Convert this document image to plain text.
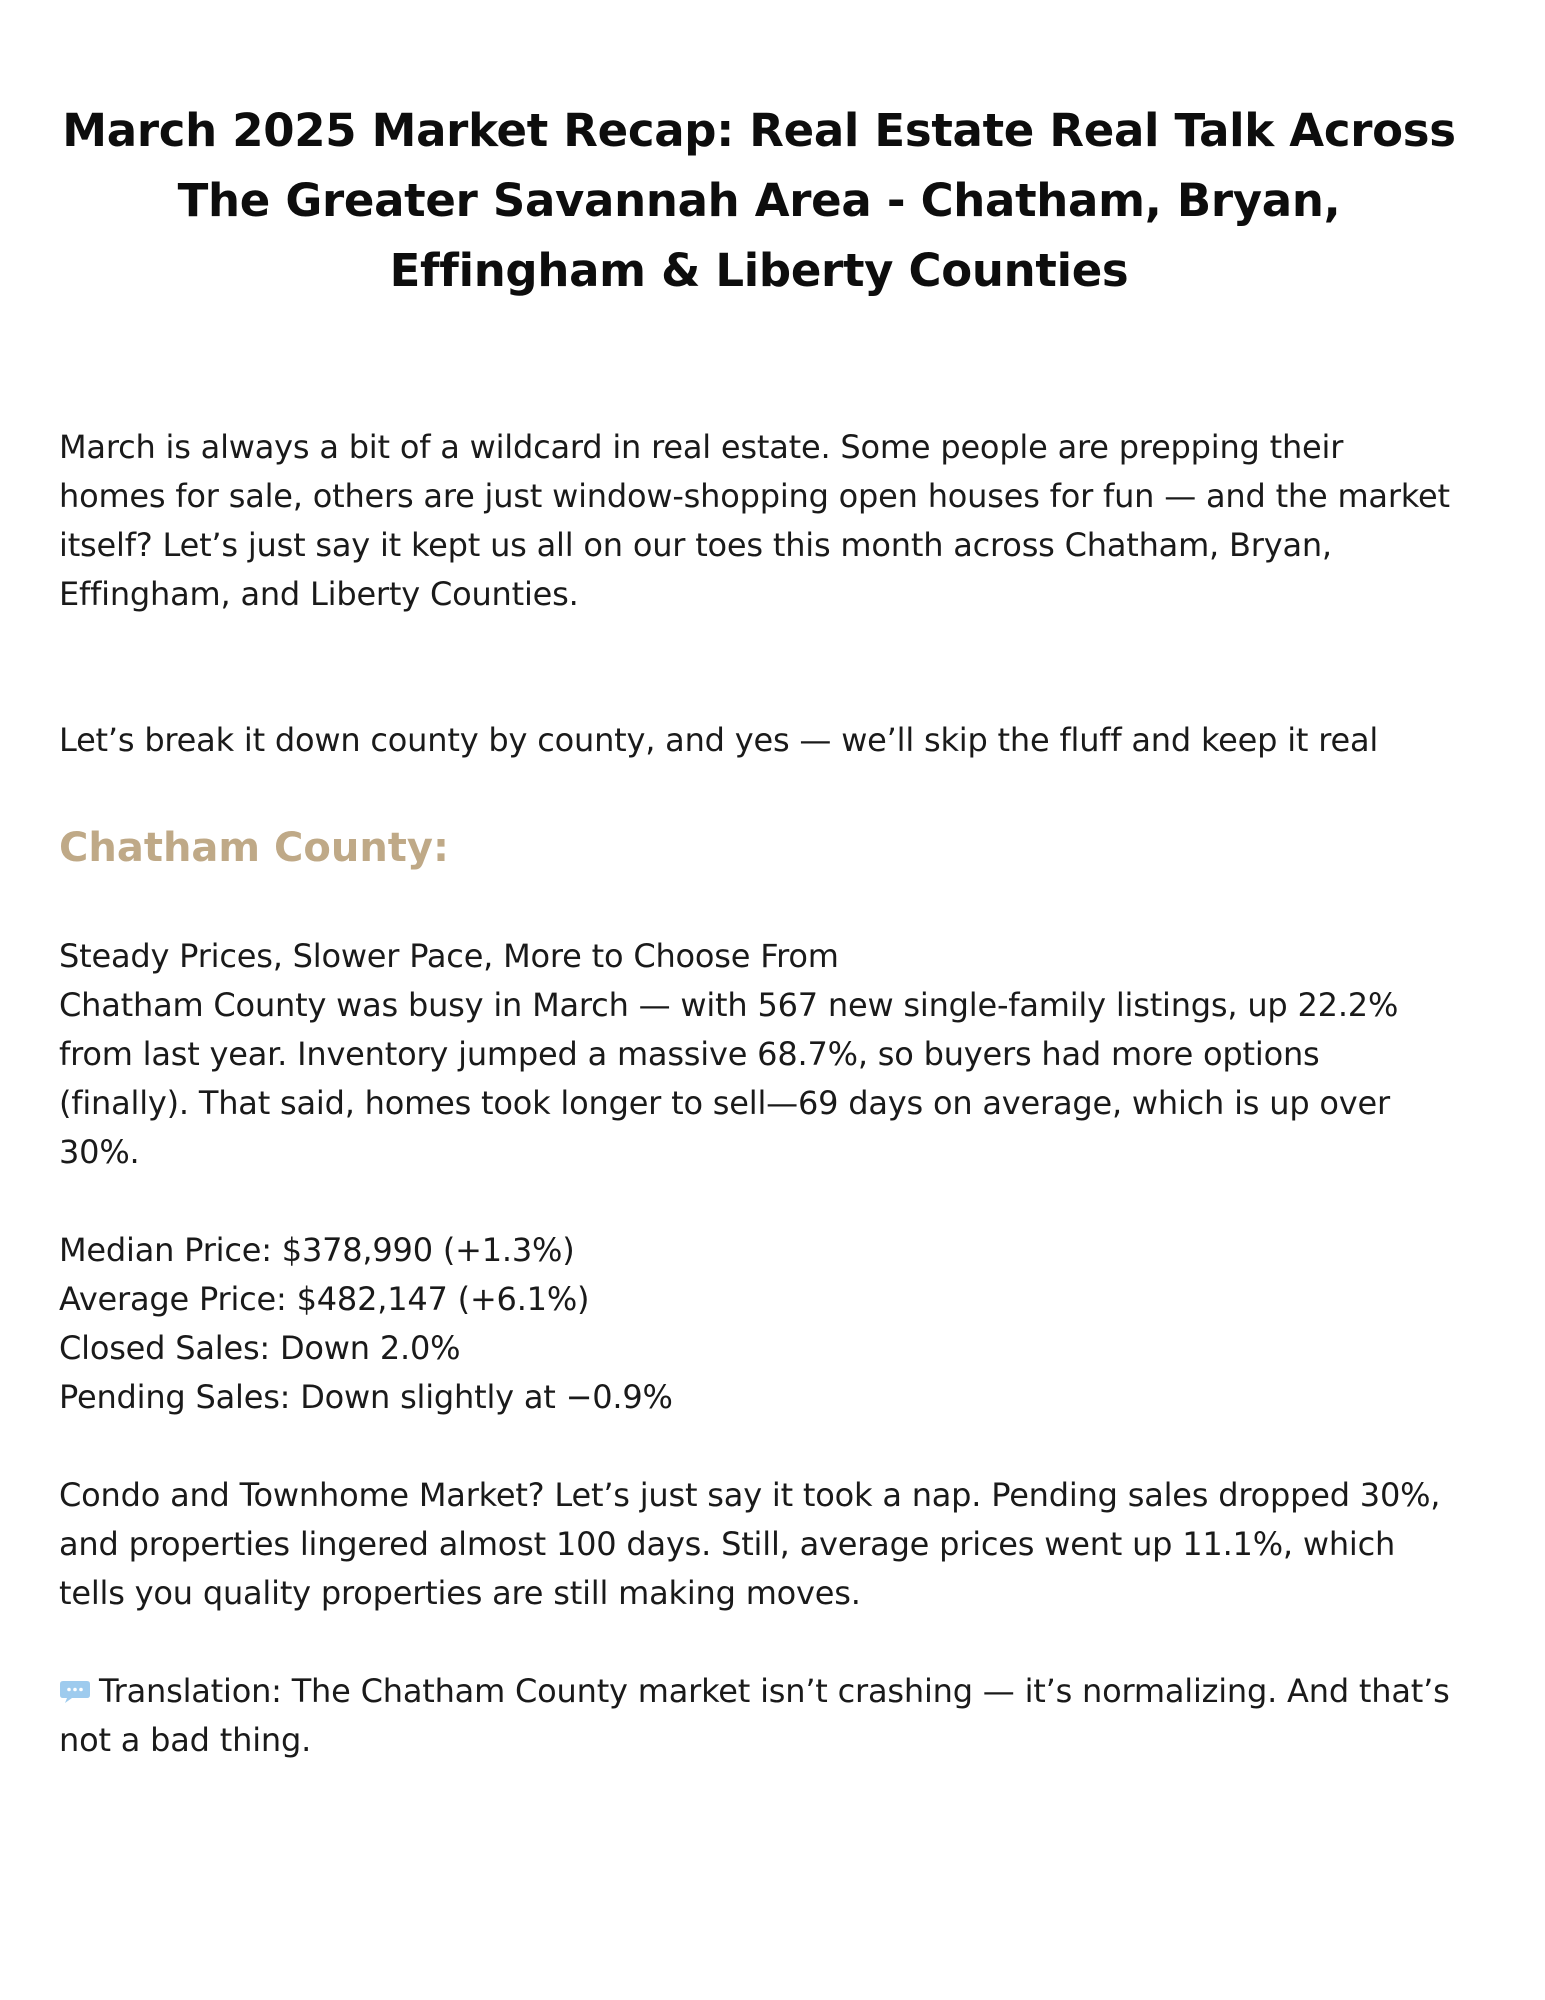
March 2025 Market Recap: Real Estate Real Talk Across The Greater Savannah Area - Chatham, Bryan, Effingham & Liberty Counties

March is always a bit of a wildcard in real estate. Some people are prepping their homes for sale, others are just window-shopping open houses for fun — and the market itself? Let’s just say it kept us all on our toes this month across Chatham, Bryan, Effingham, and Liberty Counties.

Let’s break it down county by county, and yes — we’ll skip the fluff and keep it real

Chatham County:
Steady Prices, Slower Pace, More to Choose From
Chatham County was busy in March — with 567 new single-family listings, up 22.2% from last year. Inventory jumped a massive 68.7%, so buyers had more options (finally). That said, homes took longer to sell—69 days on average, which is up over 30%.
Median Price: $378,990 (+1.3%)
Average Price: $482,147 (+6.1%)
Closed Sales: Down 2.0%
Pending Sales: Down slightly at −0.9%

Condo and Townhome Market? Let’s just say it took a nap. Pending sales dropped 30%, and properties lingered almost 100 days. Still, average prices went up 11.1%, which tells you quality properties are still making moves.

Translation: The Chatham County market isn’t crashing — it’s normalizing. And that’s not a bad thing.
